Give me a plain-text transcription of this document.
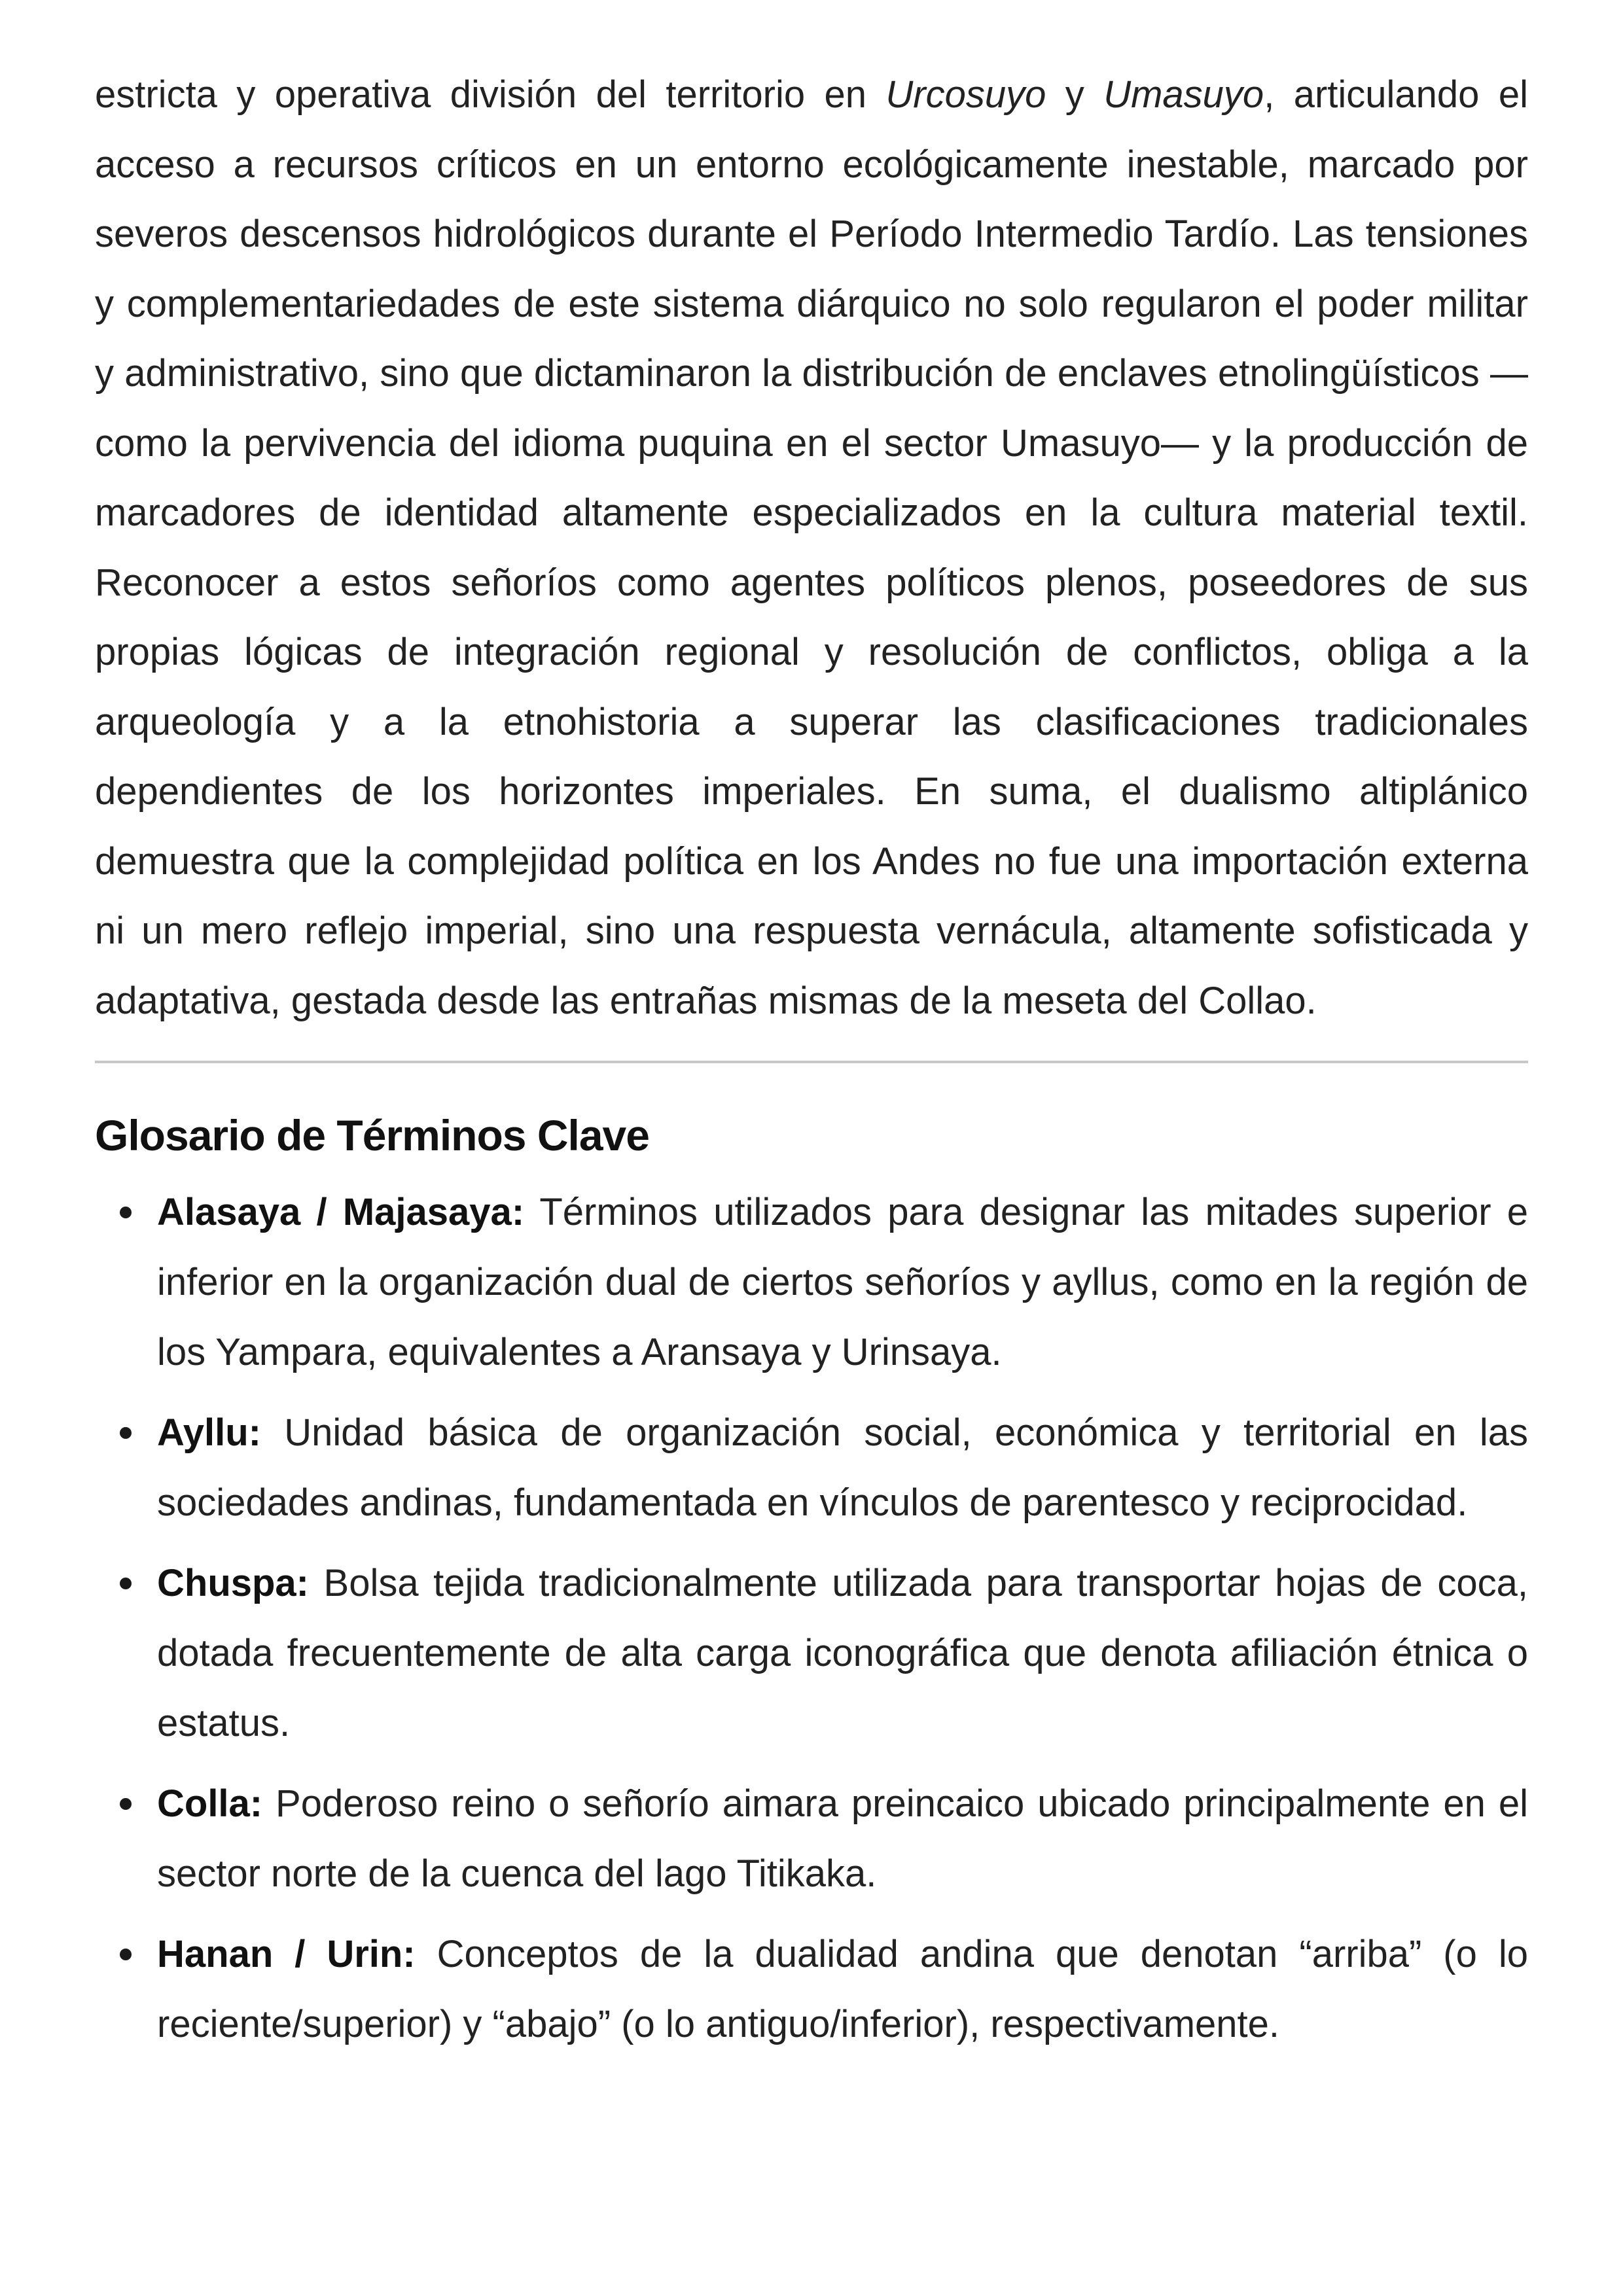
estricta y operativa división del territorio en Urcosuyo y Umasuyo, articulando el acceso a recursos críticos en un entorno ecológicamente inestable, marcado por severos descensos hidrológicos durante el Período Intermedio Tardío. Las tensiones y complementariedades de este sistema diárquico no solo regularon el poder militar y administrativo, sino que dictaminaron la distribución de enclaves etnolingüísticos —como la pervivencia del idioma puquina en el sector Umasuyo— y la producción de marcadores de identidad altamente especializados en la cultura material textil. Reconocer a estos señoríos como agentes políticos plenos, poseedores de sus propias lógicas de integración regional y resolución de conflictos, obliga a la arqueología y a la etnohistoria a superar las clasificaciones tradicionales dependientes de los horizontes imperiales. En suma, el dualismo altiplánico demuestra que la complejidad política en los Andes no fue una importación externa ni un mero reflejo imperial, sino una respuesta vernácula, altamente sofisticada y adaptativa, gestada desde las entrañas mismas de la meseta del Collao.

Glosario de Términos Clave
Alasaya / Majasaya: Términos utilizados para designar las mitades superior e inferior en la organización dual de ciertos señoríos y ayllus, como en la región de los Yampara, equivalentes a Aransaya y Urinsaya.
Ayllu: Unidad básica de organización social, económica y territorial en las sociedades andinas, fundamentada en vínculos de parentesco y reciprocidad.
Chuspa: Bolsa tejida tradicionalmente utilizada para transportar hojas de coca, dotada frecuentemente de alta carga iconográfica que denota afiliación étnica o estatus.
Colla: Poderoso reino o señorío aimara preincaico ubicado principalmente en el sector norte de la cuenca del lago Titikaka.
Hanan / Urin: Conceptos de la dualidad andina que denotan “arriba” (o lo reciente/superior) y “abajo” (o lo antiguo/inferior), respectivamente.
